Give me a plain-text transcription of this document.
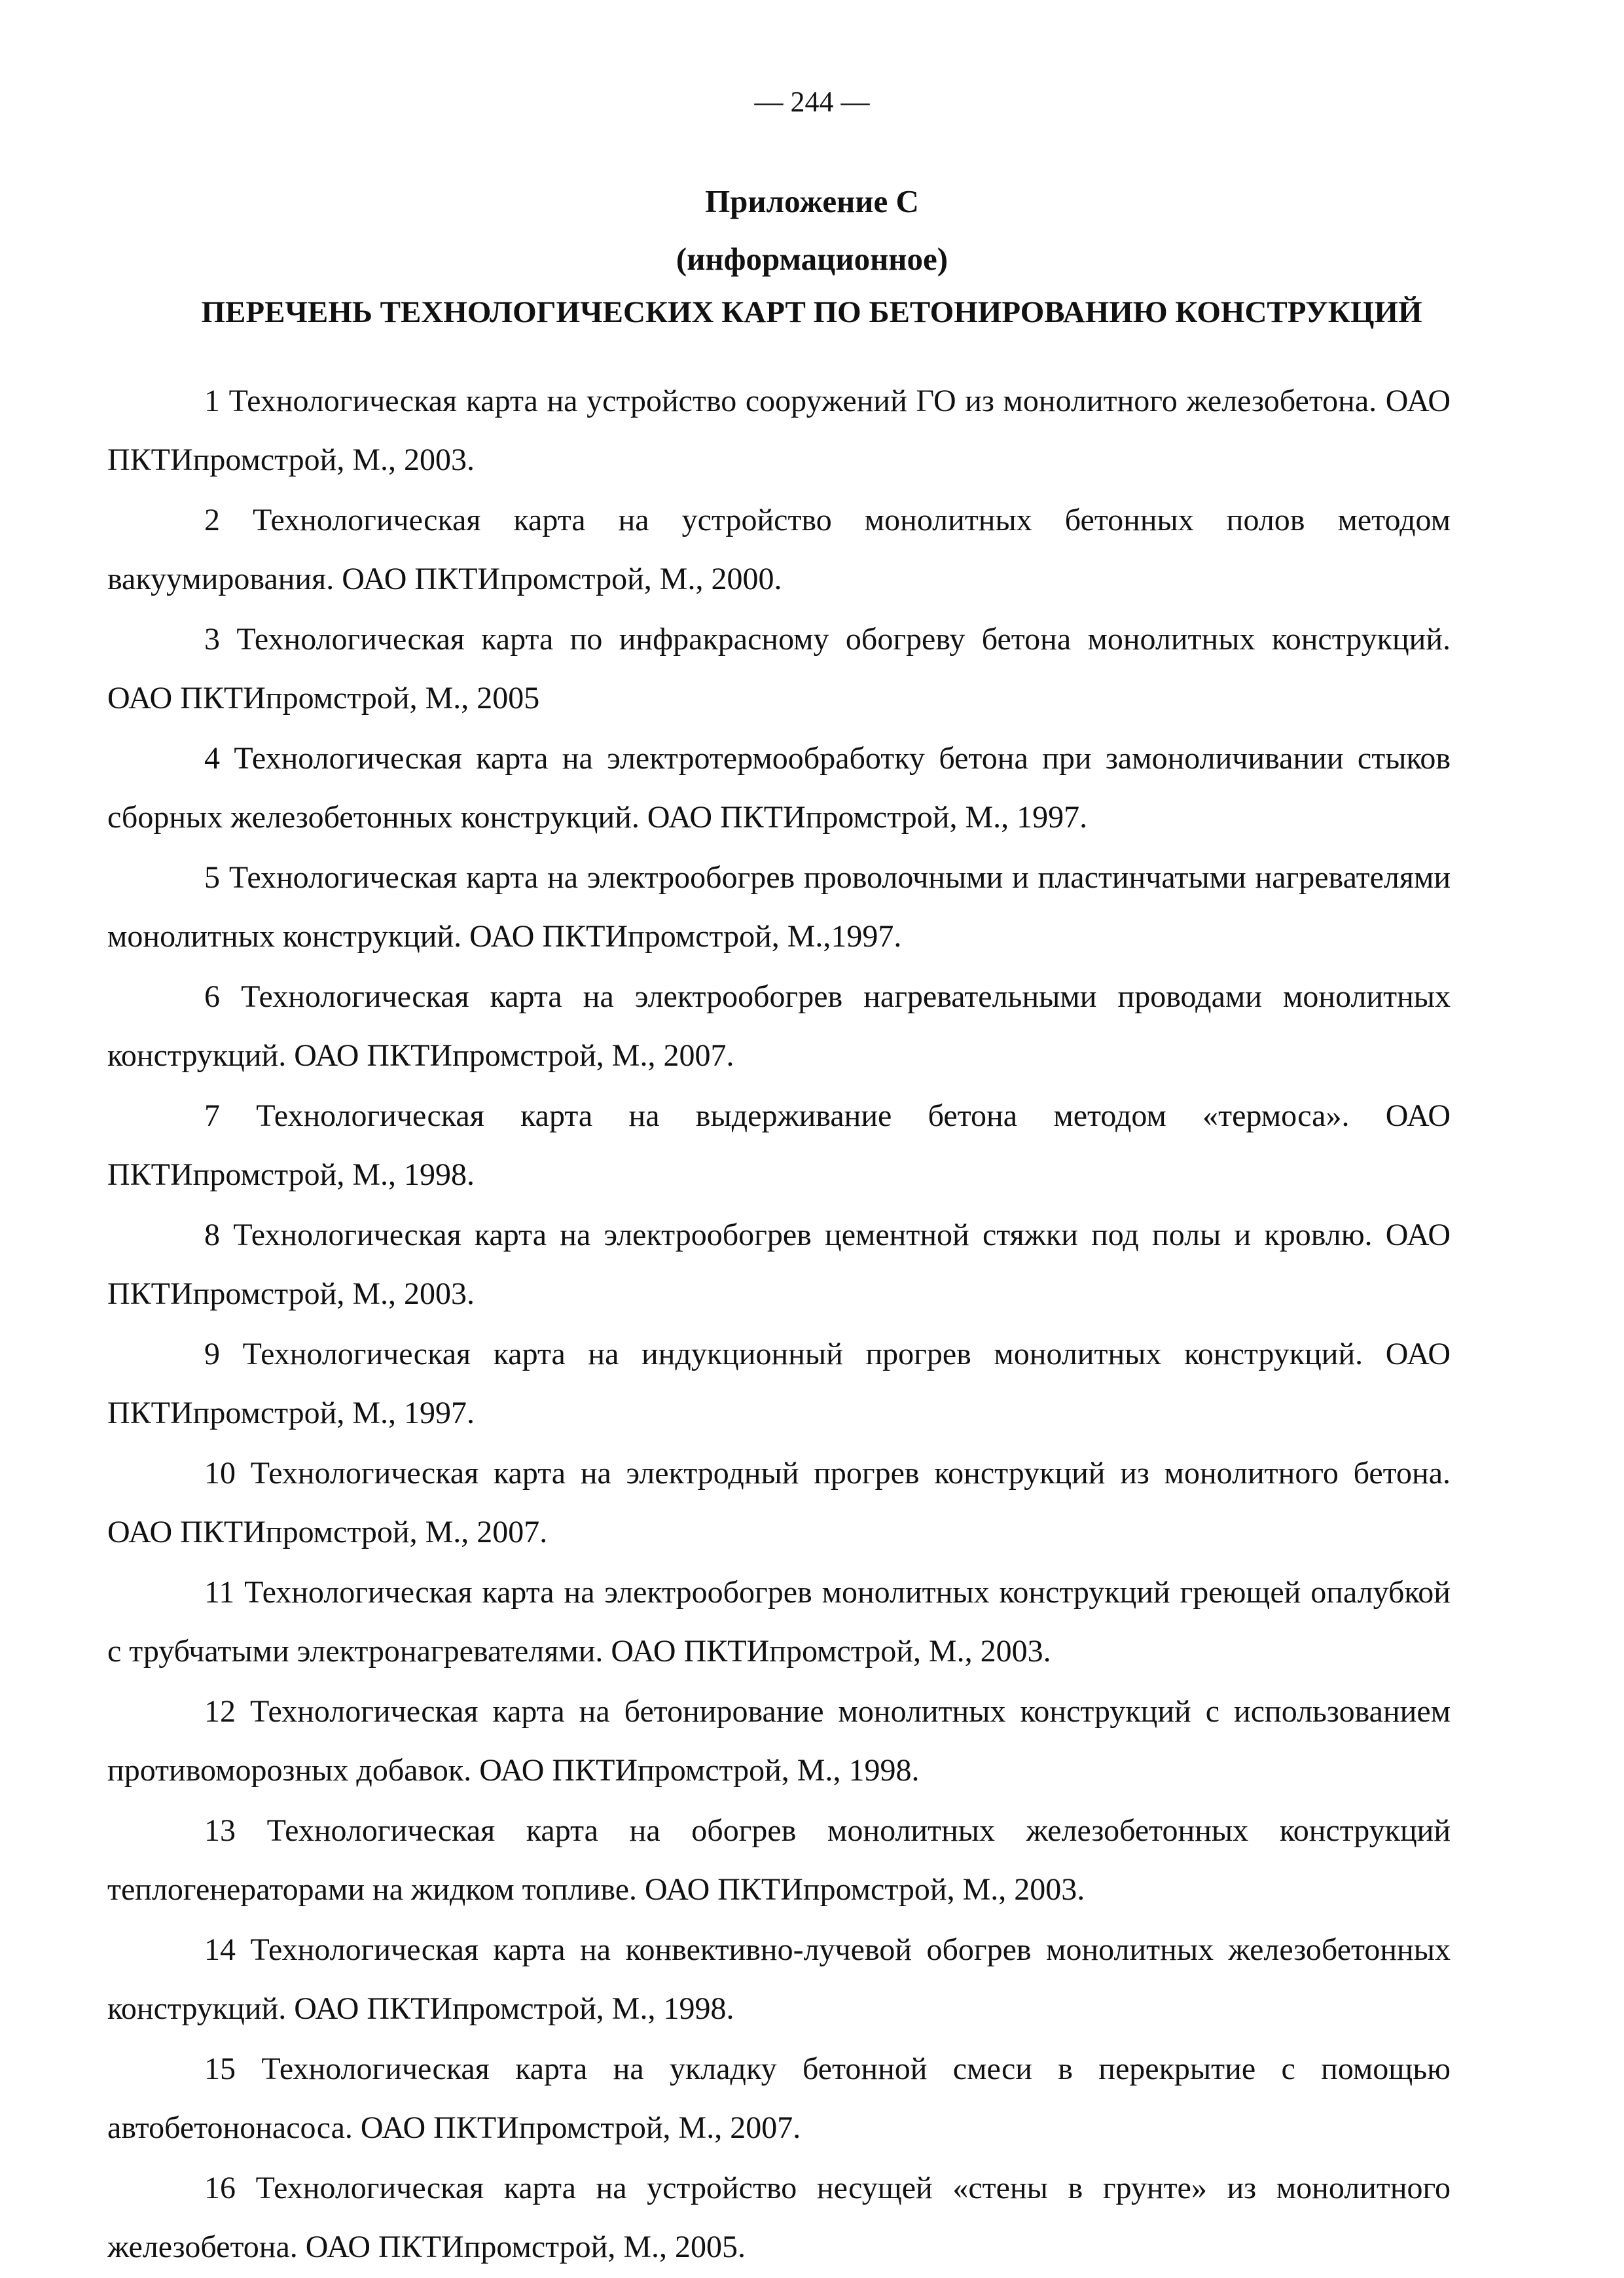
— 244 —
Приложение С
(информационное)
ПЕРЕЧЕНЬ ТЕХНОЛОГИЧЕСКИХ КАРТ ПО БЕТОНИРОВАНИЮ КОНСТРУКЦИЙ

1 Технологическая карта на устройство сооружений ГО из монолитного железобетона. ОАО ПКТИпромстрой, М., 2003.

2 Технологическая карта на устройство монолитных бетонных полов методом вакуумирования. ОАО ПКТИпромстрой, М., 2000.

3 Технологическая карта по инфракрасному обогреву бетона монолитных конструкций. ОАО ПКТИпромстрой, М., 2005

4 Технологическая карта на электротермообработку бетона при замоноличивании стыков сборных железобетонных конструкций. ОАО ПКТИпромстрой, М., 1997.

5 Технологическая карта на электрообогрев проволочными и пластинчатыми нагревателями монолитных конструкций. ОАО ПКТИпромстрой, М.,1997.

6 Технологическая карта на электрообогрев нагревательными проводами монолитных конструкций. ОАО ПКТИпромстрой, М., 2007.

7 Технологическая карта на выдерживание бетона методом «термоса». ОАО ПКТИпромстрой, М., 1998.

8 Технологическая карта на электрообогрев цементной стяжки под полы и кровлю. ОАО ПКТИпромстрой, М., 2003.

9 Технологическая карта на индукционный прогрев монолитных конструкций. ОАО ПКТИпромстрой, М., 1997.

10 Технологическая карта на электродный прогрев конструкций из монолитного бетона. ОАО ПКТИпромстрой, М., 2007.

11 Технологическая карта на электрообогрев монолитных конструкций греющей опалубкой с трубчатыми электронагревателями. ОАО ПКТИпромстрой, М., 2003.

12 Технологическая карта на бетонирование монолитных конструкций с использованием противоморозных добавок. ОАО ПКТИпромстрой, М., 1998.

13 Технологическая карта на обогрев монолитных железобетонных конструкций теплогенераторами на жидком топливе. ОАО ПКТИпромстрой, М., 2003.

14 Технологическая карта на конвективно-лучевой обогрев монолитных железобетонных конструкций. ОАО ПКТИпромстрой, М., 1998.

15 Технологическая карта на укладку бетонной смеси в перекрытие с помощью автобетононасоса. ОАО ПКТИпромстрой, М., 2007.

16 Технологическая карта на устройство несущей «стены в грунте» из монолитного железобетона. ОАО ПКТИпромстрой, М., 2005.
